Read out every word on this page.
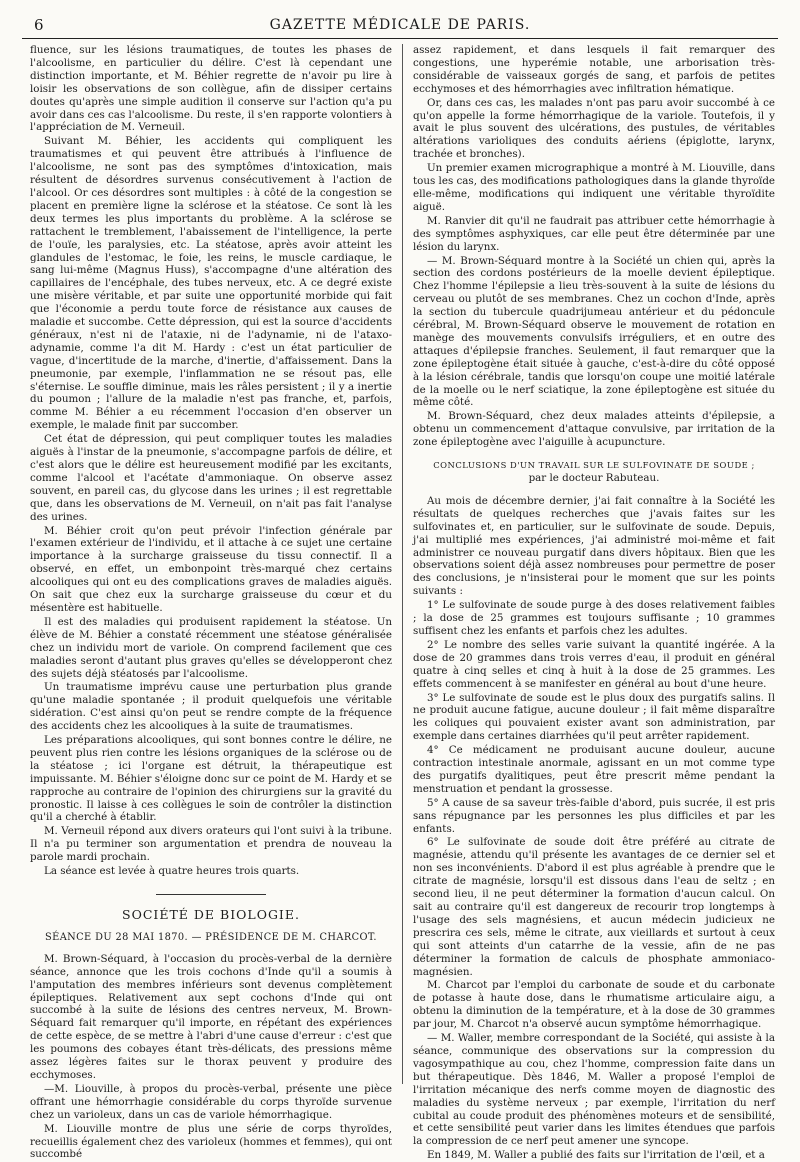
6	GAZETTE MÉDICALE DE PARIS.

fluence, sur les lésions traumatiques, de toutes les phases de l'alcoolisme, en particulier du délire. C'est là cependant une distinction importante, et M. Béhier regrette de n'avoir pu lire à loisir les observations de son collègue, afin de dissiper certains doutes qu'après une simple audition il conserve sur l'action qu'a pu avoir dans ces cas l'alcoolisme. Du reste, il s'en rapporte volontiers à l'appréciation de M. Verneuil.

Suivant M. Béhier, les accidents qui compliquent les traumatismes et qui peuvent être attribués à l'influence de l'alcoolisme, ne sont pas des symptômes d'intoxication, mais résultent de désordres survenus consécutivement à l'action de l'alcool. Or ces désordres sont multiples : à côté de la congestion se placent en première ligne la sclérose et la stéatose. Ce sont là les deux termes les plus importants du problème. A la sclérose se rattachent le tremblement, l'abaissement de l'intelligence, la perte de l'ouïe, les paralysies, etc. La stéatose, après avoir atteint les glandules de l'estomac, le foie, les reins, le muscle cardiaque, le sang lui-même (Magnus Huss), s'accompagne d'une altération des capillaires de l'encéphale, des tubes nerveux, etc. A ce degré existe une misère véritable, et par suite une opportunité morbide qui fait que l'économie a perdu toute force de résistance aux causes de maladie et succombe. Cette dépression, qui est la source d'accidents généraux, n'est ni de l'ataxie, ni de l'adynamie, ni de l'ataxo-adynamie, comme l'a dit M. Hardy : c'est un état particulier de vague, d'incertitude de la marche, d'inertie, d'affaissement. Dans la pneumonie, par exemple, l'inflammation ne se résout pas, elle s'éternise. Le souffle diminue, mais les râles persistent ; il y a inertie du poumon ; l'allure de la maladie n'est pas franche, et, parfois, comme M. Béhier a eu récemment l'occasion d'en observer un exemple, le malade finit par succomber.

Cet état de dépression, qui peut compliquer toutes les maladies aiguës à l'instar de la pneumonie, s'accompagne parfois de délire, et c'est alors que le délire est heureusement modifié par les excitants, comme l'alcool et l'acétate d'ammoniaque. On observe assez souvent, en pareil cas, du glycose dans les urines ; il est regrettable que, dans les observations de M. Verneuil, on n'ait pas fait l'analyse des urines.

M. Béhier croit qu'on peut prévoir l'infection générale par l'examen extérieur de l'individu, et il attache à ce sujet une certaine importance à la surcharge graisseuse du tissu connectif. Il a observé, en effet, un embonpoint très-marqué chez certains alcooliques qui ont eu des complications graves de maladies aiguës. On sait que chez eux la surcharge graisseuse du cœur et du mésentère est habituelle.

Il est des maladies qui produisent rapidement la stéatose. Un élève de M. Béhier a constaté récemment une stéatose généralisée chez un individu mort de variole. On comprend facilement que ces maladies seront d'autant plus graves qu'elles se développeront chez des sujets déjà stéatosés par l'alcoolisme.

Un traumatisme imprévu cause une perturbation plus grande qu'une maladie spontanée ; il produit quelquefois une véritable sidération. C'est ainsi qu'on peut se rendre compte de la fréquence des accidents chez les alcooliques à la suite de traumatismes.

Les préparations alcooliques, qui sont bonnes contre le délire, ne peuvent plus rien contre les lésions organiques de la sclérose ou de la stéatose ; ici l'organe est détruit, la thérapeutique est impuissante. M. Béhier s'éloigne donc sur ce point de M. Hardy et se rapproche au contraire de l'opinion des chirurgiens sur la gravité du pronostic. Il laisse à ces collègues le soin de contrôler la distinction qu'il a cherché à établir.

M. Verneuil répond aux divers orateurs qui l'ont suivi à la tribune. Il n'a pu terminer son argumentation et prendra de nouveau la parole mardi prochain.

La séance est levée à quatre heures trois quarts.

SOCIÉTÉ DE BIOLOGIE.
SÉANCE DU 28 MAI 1870. — PRÉSIDENCE DE M. CHARCOT.

M. Brown-Séquard, à l'occasion du procès-verbal de la dernière séance, annonce que les trois cochons d'Inde qu'il a soumis à l'amputation des membres inférieurs sont devenus complètement épileptiques. Relativement aux sept cochons d'Inde qui ont succombé à la suite de lésions des centres nerveux, M. Brown-Séquard fait remarquer qu'il importe, en répétant des expériences de cette espèce, de se mettre à l'abri d'une cause d'erreur : c'est que les poumons des cobayes étant très-délicats, des pressions même assez légères faites sur le thorax peuvent y produire des ecchymoses.

—M. Liouville, à propos du procès-verbal, présente une pièce offrant une hémorrhagie considérable du corps thyroïde survenue chez un varioleux, dans un cas de variole hémorrhagique.

M. Liouville montre de plus une série de corps thyroïdes, recueillis également chez des varioleux (hommes et femmes), qui ont succombé

assez rapidement, et dans lesquels il fait remarquer des congestions, une hyperémie notable, une arborisation très-considérable de vaisseaux gorgés de sang, et parfois de petites ecchymoses et des hémorrhagies avec infiltration hématique.

Or, dans ces cas, les malades n'ont pas paru avoir succombé à ce qu'on appelle la forme hémorrhagique de la variole. Toutefois, il y avait le plus souvent des ulcérations, des pustules, de véritables altérations varioliques des conduits aériens (épiglotte, larynx, trachée et bronches).

Un premier examen micrographique a montré à M. Liouville, dans tous les cas, des modifications pathologiques dans la glande thyroïde elle-même, modifications qui indiquent une véritable thyroïdite aiguë.

M. Ranvier dit qu'il ne faudrait pas attribuer cette hémorrhagie à des symptômes asphyxiques, car elle peut être déterminée par une lésion du larynx.

— M. Brown-Séquard montre à la Société un chien qui, après la section des cordons postérieurs de la moelle devient épileptique. Chez l'homme l'épilepsie a lieu très-souvent à la suite de lésions du cerveau ou plutôt de ses membranes. Chez un cochon d'Inde, après la section du tubercule quadrijumeau antérieur et du pédoncule cérébral, M. Brown-Séquard observe le mouvement de rotation en manège des mouvements convulsifs irréguliers, et en outre des attaques d'épilepsie franches. Seulement, il faut remarquer que la zone épileptogène était située à gauche, c'est-à-dire du côté opposé à la lésion cérébrale, tandis que lorsqu'on coupe une moitié latérale de la moelle ou le nerf sciatique, la zone épileptogène est située du même côté.

M. Brown-Séquard, chez deux malades atteints d'épilepsie, a obtenu un commencement d'attaque convulsive, par irritation de la zone épileptogène avec l'aiguille à acupuncture.

CONCLUSIONS D'UN TRAVAIL SUR LE SULFOVINATE DE SOUDE ;
par le docteur Rabuteau.

Au mois de décembre dernier, j'ai fait connaître à la Société les résultats de quelques recherches que j'avais faites sur les sulfovinates et, en particulier, sur le sulfovinate de soude. Depuis, j'ai multiplié mes expériences, j'ai administré moi-même et fait administrer ce nouveau purgatif dans divers hôpitaux. Bien que les observations soient déjà assez nombreuses pour permettre de poser des conclusions, je n'insisterai pour le moment que sur les points suivants :

1° Le sulfovinate de soude purge à des doses relativement faibles ; la dose de 25 grammes est toujours suffisante ; 10 grammes suffisent chez les enfants et parfois chez les adultes.

2° Le nombre des selles varie suivant la quantité ingérée. A la dose de 20 grammes dans trois verres d'eau, il produit en général quatre à cinq selles et cinq à huit à la dose de 25 grammes. Les effets commencent à se manifester en général au bout d'une heure.

3° Le sulfovinate de soude est le plus doux des purgatifs salins. Il ne produit aucune fatigue, aucune douleur ; il fait même disparaître les coliques qui pouvaient exister avant son administration, par exemple dans certaines diarrhées qu'il peut arrêter rapidement.

4° Ce médicament ne produisant aucune douleur, aucune contraction intestinale anormale, agissant en un mot comme type des purgatifs dyalitiques, peut être prescrit même pendant la menstruation et pendant la grossesse.

5° A cause de sa saveur très-faible d'abord, puis sucrée, il est pris sans répugnance par les personnes les plus difficiles et par les enfants.

6° Le sulfovinate de soude doit être préféré au citrate de magnésie, attendu qu'il présente les avantages de ce dernier sel et non ses inconvénients. D'abord il est plus agréable à prendre que le citrate de magnésie, lorsqu'il est dissous dans l'eau de seltz ; en second lieu, il ne peut déterminer la formation d'aucun calcul. On sait au contraire qu'il est dangereux de recourir trop longtemps à l'usage des sels magnésiens, et aucun médecin judicieux ne prescrira ces sels, même le citrate, aux vieillards et surtout à ceux qui sont atteints d'un catarrhe de la vessie, afin de ne pas déterminer la formation de calculs de phosphate ammoniaco-magnésien.

M. Charcot par l'emploi du carbonate de soude et du carbonate de potasse à haute dose, dans le rhumatisme articulaire aigu, a obtenu la diminution de la température, et à la dose de 30 grammes par jour, M. Charcot n'a observé aucun symptôme hémorrhagique.

— M. Waller, membre correspondant de la Société, qui assiste à la séance, communique des observations sur la compression du vagosympathique au cou, chez l'homme, compression faite dans un but thérapeutique. Dès 1846, M. Waller a proposé l'emploi de l'irritation mécanique des nerfs comme moyen de diagnostic des maladies du système nerveux ; par exemple, l'irritation du nerf cubital au coude produit des phénomènes moteurs et de sensibilité, et cette sensibilité peut varier dans les limites étendues que parfois la compression de ce nerf peut amener une syncope.

En 1849, M. Waller a publié des faits sur l'irritation de l'œil, et a
